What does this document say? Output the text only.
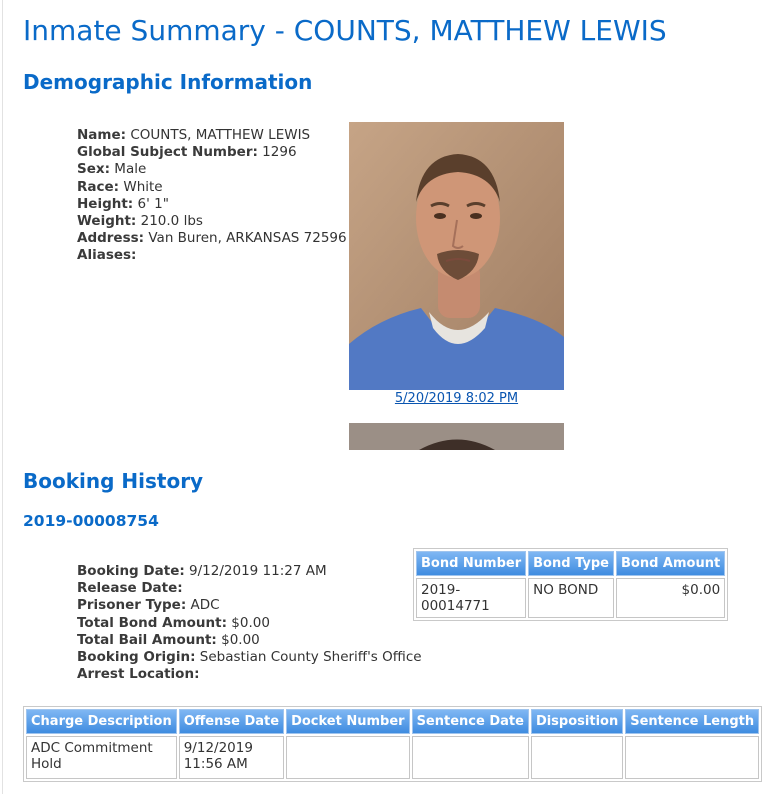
Inmate Summary - COUNTS, MATTHEW LEWIS
Demographic Information
Name: COUNTS, MATTHEW LEWIS
Global Subject Number: 1296
Sex: Male
Race: White
Height: 6' 1"
Weight: 210.0 lbs
Address: Van Buren, ARKANSAS 72596
Aliases:
5/20/2019 8:02 PM
Booking History
2019-00008754
Booking Date: 9/12/2019 11:27 AM
Release Date:
Prisoner Type: ADC
Total Bond Amount: $0.00
Total Bail Amount: $0.00
Booking Origin: Sebastian County Sheriff's Office
Arrest Location:
Bond Number	Bond Type	Bond Amount
2019-00014771	NO BOND	$0.00
Charge Description	Offense Date	Docket Number	Sentence Date	Disposition	Sentence Length
ADC Commitment Hold	9/12/2019 11:56 AM				
